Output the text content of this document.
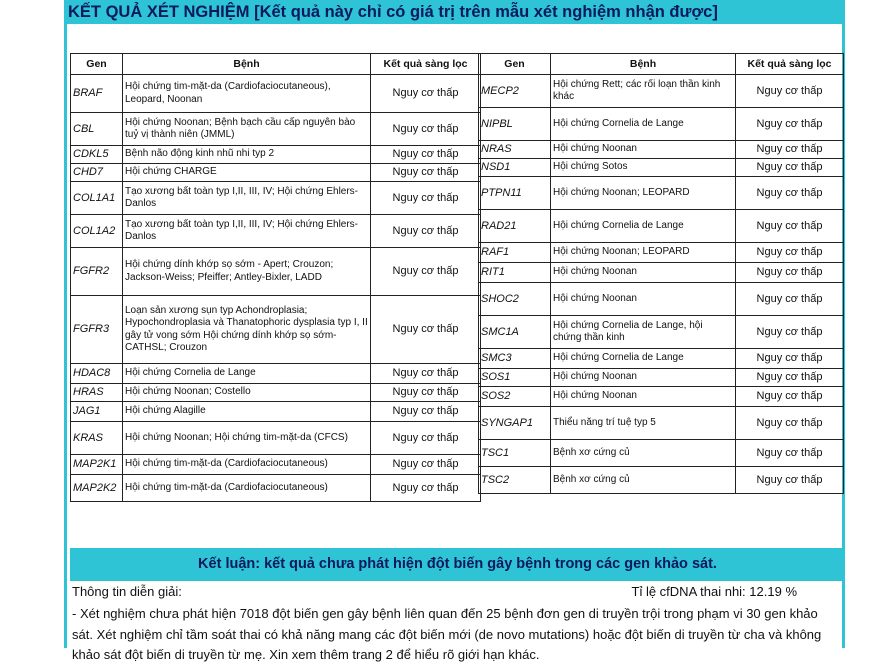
KẾT QUẢ XÉT NGHIỆM [Kết quả này chỉ có giá trị trên mẫu xét nghiệm nhận được]
Gen	Bệnh	Kết quả sàng lọc
BRAF	Hội chứng tim-mặt-da (Cardiofaciocutaneous), Leopard, Noonan	Nguy cơ thấp
CBL	Hội chứng Noonan; Bệnh bạch cầu cấp nguyên bào tuỷ vị thành niên (JMML)	Nguy cơ thấp
CDKL5	Bệnh não động kinh nhũ nhi typ 2	Nguy cơ thấp
CHD7	Hội chứng CHARGE	Nguy cơ thấp
COL1A1	Tạo xương bất toàn typ I,II, III, IV; Hội chứng Ehlers-Danlos	Nguy cơ thấp
COL1A2	Tạo xương bất toàn typ I,II, III, IV; Hội chứng Ehlers-Danlos	Nguy cơ thấp
FGFR2	Hội chứng dính khớp sọ sớm - Apert; Crouzon; Jackson-Weiss; Pfeiffer; Antley-Bixler, LADD	Nguy cơ thấp
FGFR3	Loạn sản xương sụn typ Achondroplasia; Hypochondroplasia và Thanatophoric dysplasia typ I, II gây tử vong sớm Hội chứng dính khớp sọ sớm-CATHSL; Crouzon	Nguy cơ thấp
HDAC8	Hội chứng Cornelia de Lange	Nguy cơ thấp
HRAS	Hội chứng Noonan; Costello	Nguy cơ thấp
JAG1	Hội chứng Alagille	Nguy cơ thấp
KRAS	Hội chứng Noonan; Hội chứng tim-mặt-da (CFCS)	Nguy cơ thấp
MAP2K1	Hội chứng tim-mặt-da (Cardiofaciocutaneous)	Nguy cơ thấp
MAP2K2	Hội chứng tim-mặt-da (Cardiofaciocutaneous)	Nguy cơ thấp
Gen	Bệnh	Kết quả sàng lọc
MECP2	Hội chứng Rett; các rối loạn thần kinh khác	Nguy cơ thấp
NIPBL	Hội chứng Cornelia de Lange	Nguy cơ thấp
NRAS	Hội chứng Noonan	Nguy cơ thấp
NSD1	Hội chứng Sotos	Nguy cơ thấp
PTPN11	Hội chứng Noonan; LEOPARD	Nguy cơ thấp
RAD21	Hội chứng Cornelia de Lange	Nguy cơ thấp
RAF1	Hội chứng Noonan; LEOPARD	Nguy cơ thấp
RIT1	Hội chứng Noonan	Nguy cơ thấp
SHOC2	Hội chứng Noonan	Nguy cơ thấp
SMC1A	Hội chứng Cornelia de Lange, hội chứng thần kinh	Nguy cơ thấp
SMC3	Hội chứng Cornelia de Lange	Nguy cơ thấp
SOS1	Hội chứng Noonan	Nguy cơ thấp
SOS2	Hội chứng Noonan	Nguy cơ thấp
SYNGAP1	Thiểu năng trí tuệ typ 5	Nguy cơ thấp
TSC1	Bệnh xơ cứng củ	Nguy cơ thấp
TSC2	Bệnh xơ cứng củ	Nguy cơ thấp
Kết luận: kết quả chưa phát hiện đột biến gây bệnh trong các gen khảo sát.
Thông tin diễn giải:	Tỉ lệ cfDNA thai nhi: 12.19 %
- Xét nghiệm chưa phát hiện 7018 đột biến gen gây bệnh liên quan đến 25 bệnh đơn gen di truyền trội trong phạm vi 30 gen khảo sát. Xét nghiệm chỉ tầm soát thai có khả năng mang các đột biến mới (de novo mutations) hoặc đột biến di truyền từ cha và không khảo sát đột biến di truyền từ mẹ. Xin xem thêm trang 2 để hiểu rõ giới hạn khác.
